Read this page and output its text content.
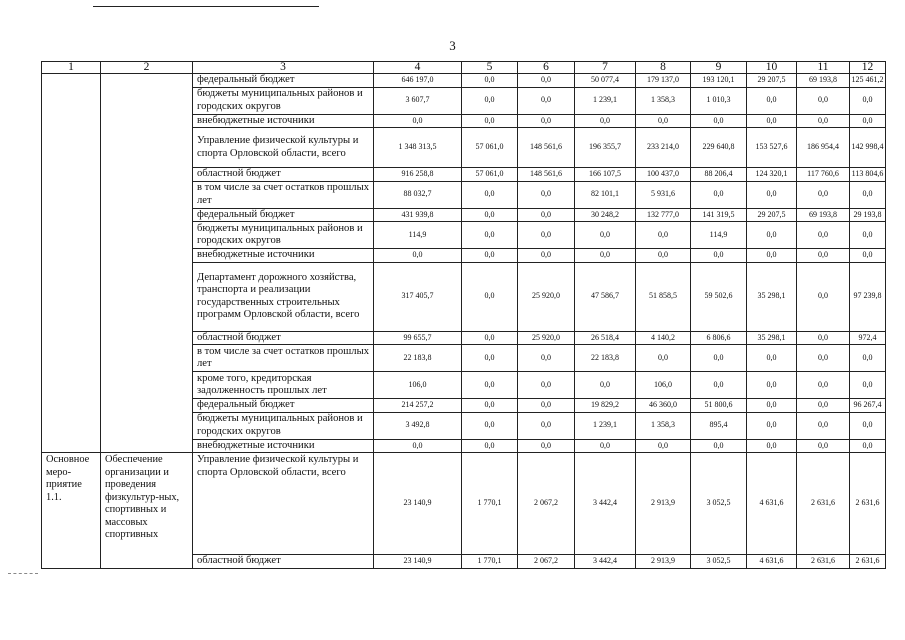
3
1	2	3	4	5	6	7	8	9	10	11	12
		федеральный бюджет	646 197,0	0,0	0,0	50 077,4	179 137,0	193 120,1	29 207,5	69 193,8	125 461,2
		бюджеты муниципальных районов и городских округов	3 607,7	0,0	0,0	1 239,1	1 358,3	1 010,3	0,0	0,0	0,0
		внебюджетные источники	0,0	0,0	0,0	0,0	0,0	0,0	0,0	0,0	0,0
		Управление физической культуры и спорта Орловской области, всего	1 348 313,5	57 061,0	148 561,6	196 355,7	233 214,0	229 640,8	153 527,6	186 954,4	142 998,4
		областной бюджет	916 258,8	57 061,0	148 561,6	166 107,5	100 437,0	88 206,4	124 320,1	117 760,6	113 804,6
		в том числе за счет остатков прошлых лет	88 032,7	0,0	0,0	82 101,1	5 931,6	0,0	0,0	0,0	0,0
		федеральный бюджет	431 939,8	0,0	0,0	30 248,2	132 777,0	141 319,5	29 207,5	69 193,8	29 193,8
		бюджеты муниципальных районов и городских округов	114,9	0,0	0,0	0,0	0,0	114,9	0,0	0,0	0,0
		внебюджетные источники	0,0	0,0	0,0	0,0	0,0	0,0	0,0	0,0	0,0
		Департамент дорожного хозяйства, транспорта и реализации государственных строительных программ Орловской области, всего	317 405,7	0,0	25 920,0	47 586,7	51 858,5	59 502,6	35 298,1	0,0	97 239,8
		областной бюджет	99 655,7	0,0	25 920,0	26 518,4	4 140,2	6 806,6	35 298,1	0,0	972,4
		в том числе за счет остатков прошлых лет	22 183,8	0,0	0,0	22 183,8	0,0	0,0	0,0	0,0	0,0
		кроме того, кредиторская задолженность прошлых лет	106,0	0,0	0,0	0,0	106,0	0,0	0,0	0,0	0,0
		федеральный бюджет	214 257,2	0,0	0,0	19 829,2	46 360,0	51 800,6	0,0	0,0	96 267,4
		бюджеты муниципальных районов и городских округов	3 492,8	0,0	0,0	1 239,1	1 358,3	895,4	0,0	0,0	0,0
		внебюджетные источники	0,0	0,0	0,0	0,0	0,0	0,0	0,0	0,0	0,0
Основное меро-приятие 1.1.	Обеспечение организации и проведения физкультур-ных, спортивных и массовых спортивных	Управление физической культуры и спорта Орловской области, всего	23 140,9	1 770,1	2 067,2	3 442,4	2 913,9	3 052,5	4 631,6	2 631,6	2 631,6
		областной бюджет	23 140,9	1 770,1	2 067,2	3 442,4	2 913,9	3 052,5	4 631,6	2 631,6	2 631,6
